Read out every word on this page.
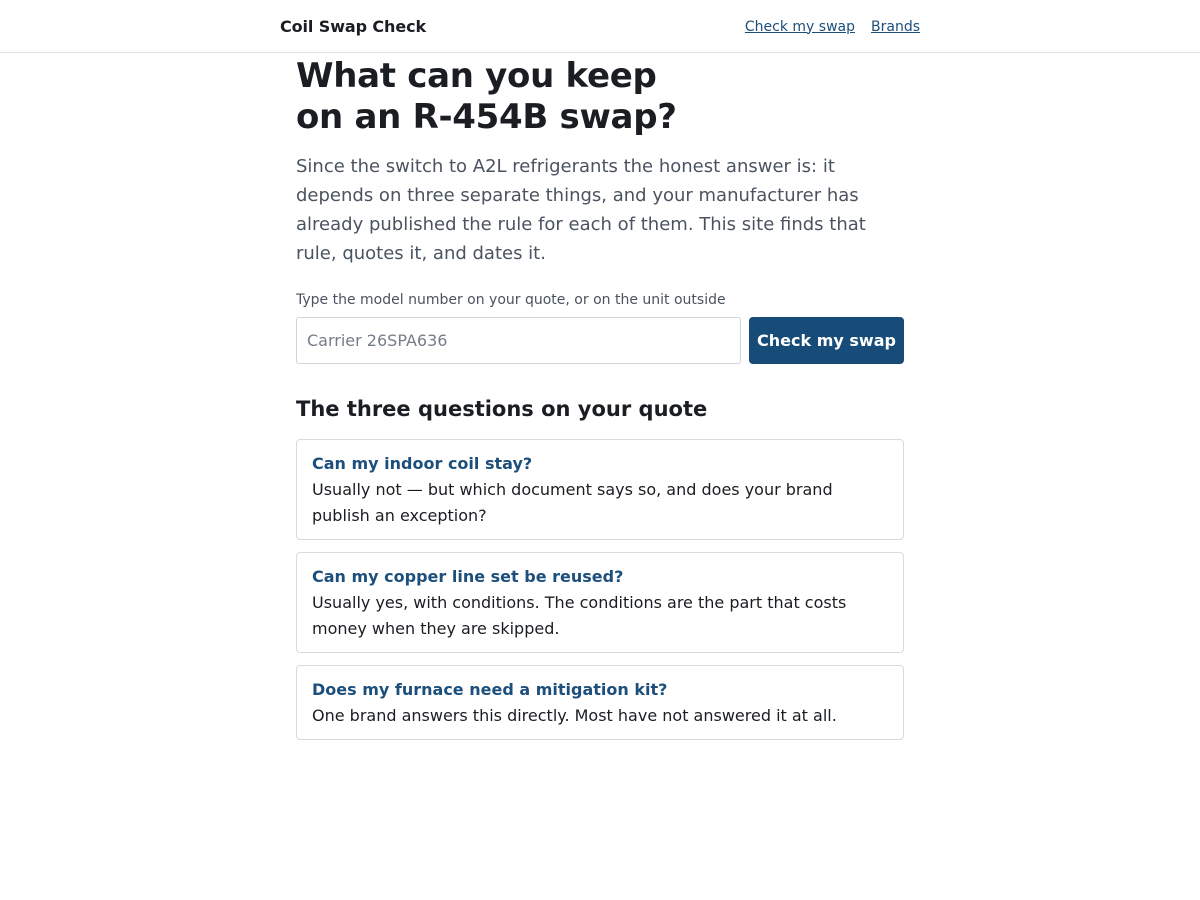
Coil Swap Check	Check my swap Brands
What can you keep
on an R-454B swap?

Since the switch to A2L refrigerants the honest answer is: it depends on three separate things, and your manufacturer has already published the rule for each of them. This site finds that rule, quotes it, and dates it.

Type the model number on your quote, or on the unit outside
Carrier 26SPA636
Check my swap
The three questions on your quote
Can my indoor coil stay?
Usually not — but which document says so, and does your brand publish an exception?
Can my copper line set be reused?
Usually yes, with conditions. The conditions are the part that costs money when they are skipped.
Does my furnace need a mitigation kit?
One brand answers this directly. Most have not answered it at all.
